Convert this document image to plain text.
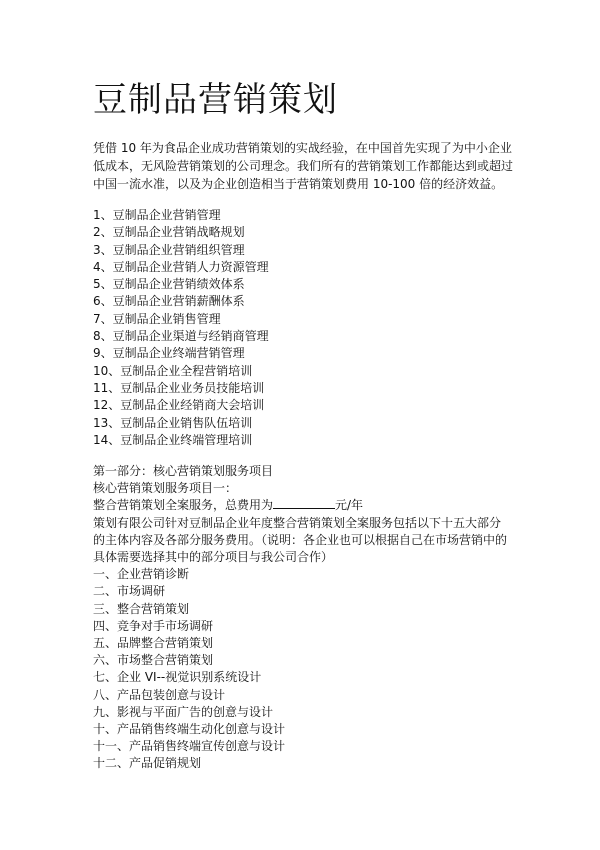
豆制品营销策划

凭借 10 年为食品企业成功营销策划的实战经验，在中国首先实现了为中小企业

低成本，无风险营销策划的公司理念。我们所有的营销策划工作都能达到或超过

中国一流水准，以及为企业创造相当于营销策划费用 10-100 倍的经济效益。

1、豆制品企业营销管理
2、豆制品企业营销战略规划
3、豆制品企业营销组织管理
4、豆制品企业营销人力资源管理
5、豆制品企业营销绩效体系
6、豆制品企业营销薪酬体系
7、豆制品企业销售管理
8、豆制品企业渠道与经销商管理
9、豆制品企业终端营销管理
10、豆制品企业全程营销培训
11、豆制品企业业务员技能培训
12、豆制品企业经销商大会培训
13、豆制品企业销售队伍培训
14、豆制品企业终端管理培训
第一部分：核心营销策划服务项目
核心营销策划服务项目一：
整合营销策划全案服务，总费用为	元/年
策划有限公司针对豆制品企业年度整合营销策划全案服务包括以下十五大部分
的主体内容及各部分服务费用。（说明：各企业也可以根据自己在市场营销中的
具体需要选择其中的部分项目与我公司合作）
一、企业营销诊断
二、市场调研
三、整合营销策划
四、竞争对手市场调研
五、品牌整合营销策划
六、市场整合营销策划
七、企业 VI--视觉识别系统设计
八、产品包装创意与设计
九、影视与平面广告的创意与设计
十、产品销售终端生动化创意与设计
十一、产品销售终端宣传创意与设计
十二、产品促销规划
